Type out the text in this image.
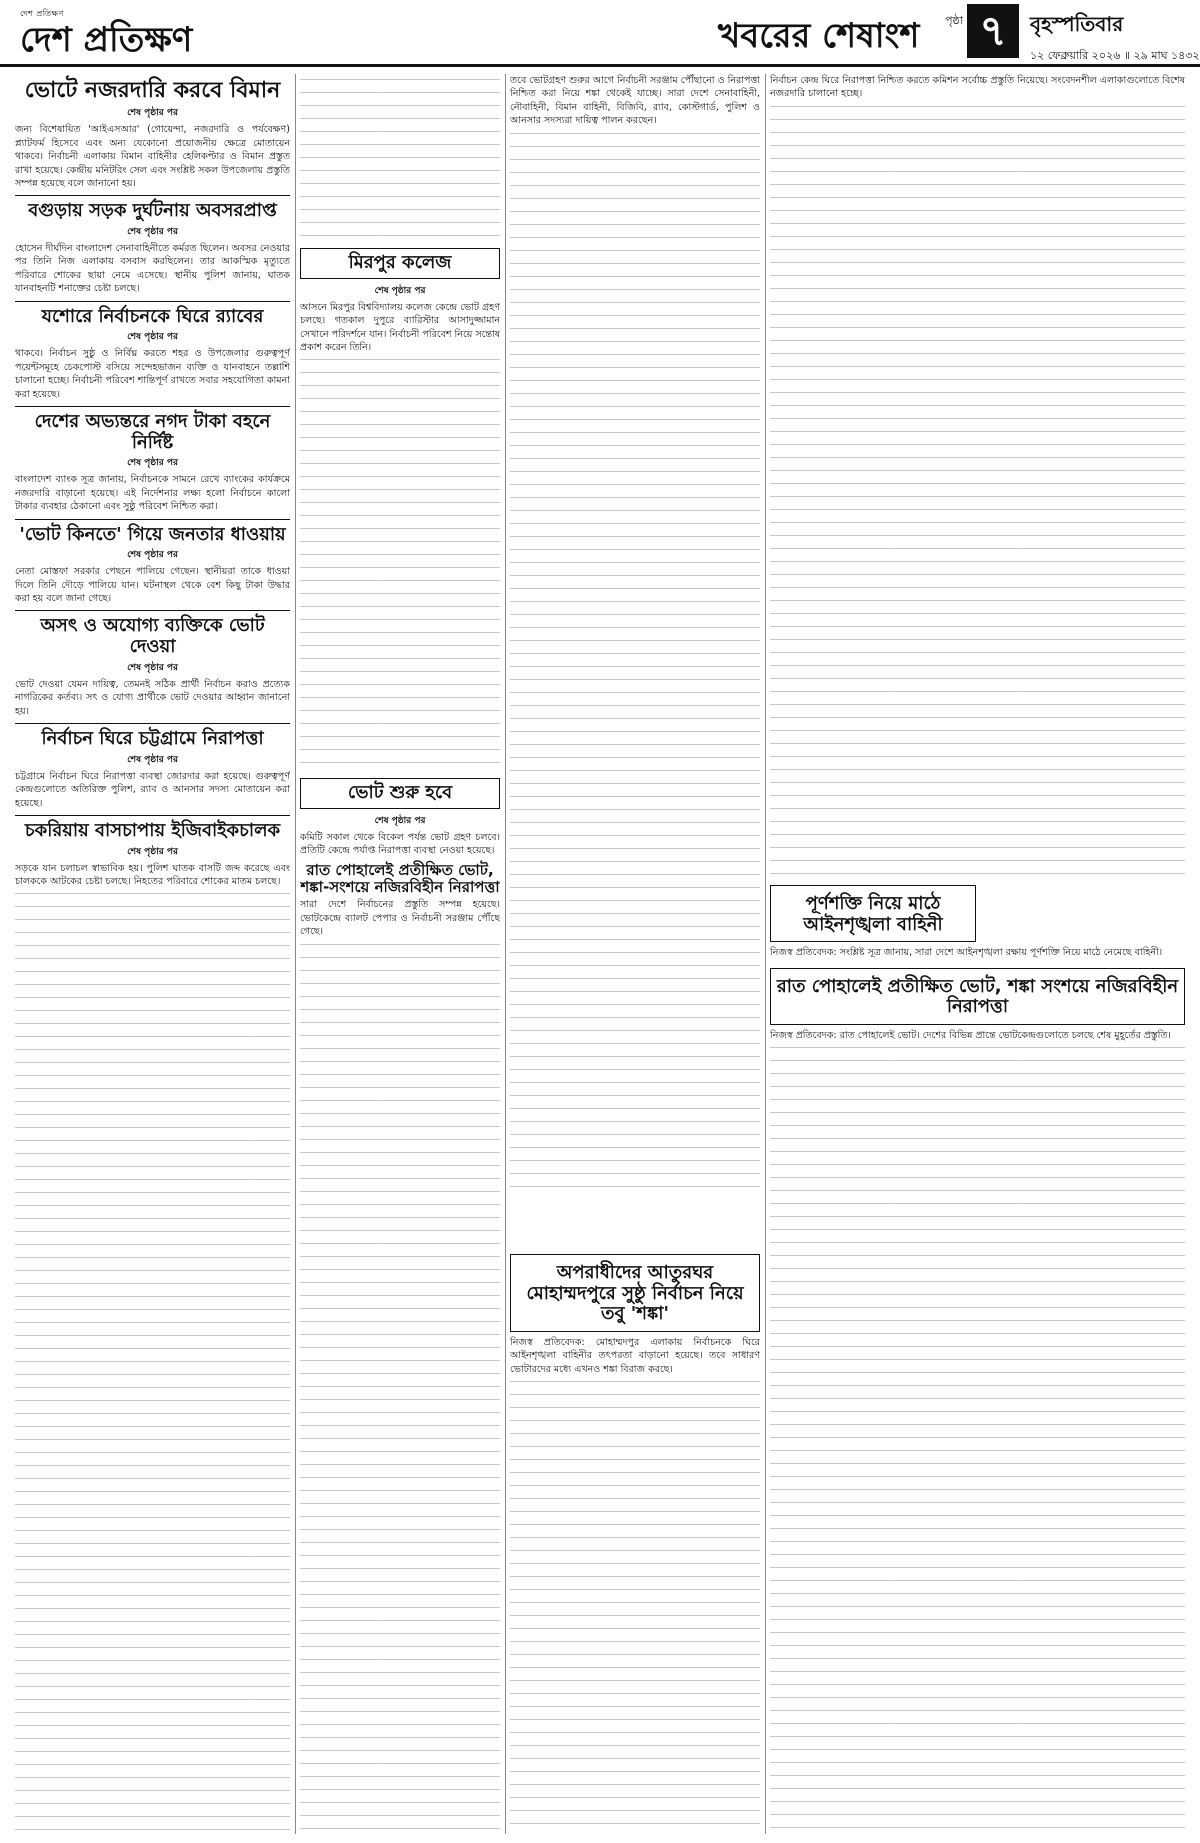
দেশ প্রতিক্ষণ
দেশ প্রতিক্ষণ	খবরের শেষাংশ পৃষ্ঠা ৭	বৃহস্পতিবার
১২ ফেব্রুয়ারি ২০২৬ ॥ ২৯ মাঘ ১৪৩২
ভোটে নজরদারি করবে বিমান
শেষ পৃষ্ঠার পর

জন্য বিশেষায়িত 'আইএসআর' (গোয়েন্দা, নজরদারি ও পর্যবেক্ষণ) প্ল্যাটফর্ম হিসেবে এবং অন্য যেকোনো প্রয়োজনীয় ক্ষেত্রে মোতায়েন থাকবে। নির্বাচনী এলাকায় বিমান বাহিনীর হেলিকপ্টার ও বিমান প্রস্তুত রাখা হয়েছে। কেন্দ্রীয় মনিটরিং সেল এবং সংশ্লিষ্ট সকল উপজেলায় প্রস্তুতি সম্পন্ন হয়েছে বলে জানানো হয়।

বগুড়ায় সড়ক দুর্ঘটনায় অবসরপ্রাপ্ত
শেষ পৃষ্ঠার পর

হোসেন দীর্ঘদিন বাংলাদেশ সেনাবাহিনীতে কর্মরত ছিলেন। অবসর নেওয়ার পর তিনি নিজ এলাকায় বসবাস করছিলেন। তার আকস্মিক মৃত্যুতে পরিবারে শোকের ছায়া নেমে এসেছে। স্থানীয় পুলিশ জানায়, ঘাতক যানবাহনটি শনাক্তের চেষ্টা চলছে।

যশোরে নির্বাচনকে ঘিরে র‌্যাবের
শেষ পৃষ্ঠার পর

থাকবে। নির্বাচন সুষ্ঠু ও নির্বিঘ্ন করতে শহর ও উপজেলার গুরুত্বপূর্ণ পয়েন্টসমূহে চেকপোস্ট বসিয়ে সন্দেহভাজন ব্যক্তি ও যানবাহনে তল্লাশি চালানো হচ্ছে। নির্বাচনী পরিবেশ শান্তিপূর্ণ রাখতে সবার সহযোগিতা কামনা করা হয়েছে।

দেশের অভ্যন্তরে নগদ টাকা বহনে নির্দিষ্ট
শেষ পৃষ্ঠার পর

বাংলাদেশ ব্যাংক সূত্র জানায়, নির্বাচনকে সামনে রেখে ব্যাংকের কার্যক্রমে নজরদারি বাড়ানো হয়েছে। এই নির্দেশনার লক্ষ্য হলো নির্বাচনে কালো টাকার ব্যবহার ঠেকানো এবং সুষ্ঠু পরিবেশ নিশ্চিত করা।

'ভোট কিনতে' গিয়ে জনতার ধাওয়ায়
শেষ পৃষ্ঠার পর

নেতা মোস্তফা সরকার পেছনে পালিয়ে গেছেন। স্থানীয়রা তাকে ধাওয়া দিলে তিনি দৌড়ে পালিয়ে যান। ঘটনাস্থল থেকে বেশ কিছু টাকা উদ্ধার করা হয় বলে জানা গেছে।

অসৎ ও অযোগ্য ব্যক্তিকে ভোট দেওয়া
শেষ পৃষ্ঠার পর

ভোট দেওয়া যেমন দায়িত্ব, তেমনই সঠিক প্রার্থী নির্বাচন করাও প্রত্যেক নাগরিকের কর্তব্য। সৎ ও যোগ্য প্রার্থীকে ভোট দেওয়ার আহ্বান জানানো হয়।

নির্বাচন ঘিরে চট্টগ্রামে নিরাপত্তা
শেষ পৃষ্ঠার পর

চট্টগ্রামে নির্বাচন ঘিরে নিরাপত্তা ব্যবস্থা জোরদার করা হয়েছে। গুরুত্বপূর্ণ কেন্দ্রগুলোতে অতিরিক্ত পুলিশ, র‌্যাব ও আনসার সদস্য মোতায়েন করা হয়েছে।

চকরিয়ায় বাসচাপায় ইজিবাইকচালক
শেষ পৃষ্ঠার পর

সড়কে যান চলাচল স্বাভাবিক হয়। পুলিশ ঘাতক বাসটি জব্দ করেছে এবং চালককে আটকের চেষ্টা চলছে। নিহতের পরিবারে শোকের মাতম চলছে।

মিরপুর কলেজ
শেষ পৃষ্ঠার পর

আসনে মিরপুর বিশ্ববিদ্যালয় কলেজ কেন্দ্রে ভোট গ্রহণ চলছে। গতকাল দুপুরে ব্যারিস্টার আসাদুজ্জামান সেখানে পরিদর্শনে যান। নির্বাচনী পরিবেশ নিয়ে সন্তোষ প্রকাশ করেন তিনি।

ভোট শুরু হবে
শেষ পৃষ্ঠার পর

কমিটি সকাল থেকে বিকেল পর্যন্ত ভোট গ্রহণ চলবে। প্রতিটি কেন্দ্রে পর্যাপ্ত নিরাপত্তা ব্যবস্থা নেওয়া হয়েছে।

রাত পোহালেই প্রতীক্ষিত ভোট, শঙ্কা-সংশয়ে নজিরবিহীন নিরাপত্তা

সারা দেশে নির্বাচনের প্রস্তুতি সম্পন্ন হয়েছে। ভোটকেন্দ্রে ব্যালট পেপার ও নির্বাচনী সরঞ্জাম পৌঁছে গেছে।

তবে ভোটগ্রহণ শুরুর আগে নির্বাচনী সরঞ্জাম পৌঁছানো ও নিরাপত্তা নিশ্চিত করা নিয়ে শঙ্কা থেকেই যাচ্ছে। সারা দেশে সেনাবাহিনী, নৌবাহিনী, বিমান বাহিনী, বিজিবি, র‌্যাব, কোস্টগার্ড, পুলিশ ও আনসার সদস্যরা দায়িত্ব পালন করছেন।

অপরাধীদের আতুরঘর মোহাম্মদপুরে সুষ্ঠু নির্বাচন নিয়ে তবু 'শঙ্কা'

নিজস্ব প্রতিবেদক: মোহাম্মদপুর এলাকায় নির্বাচনকে ঘিরে আইনশৃঙ্খলা বাহিনীর তৎপরতা বাড়ানো হয়েছে। তবে সাধারণ ভোটারদের মধ্যে এখনও শঙ্কা বিরাজ করছে।

নির্বাচন কেন্দ্র ঘিরে নিরাপত্তা নিশ্চিত করতে কমিশন সর্বোচ্চ প্রস্তুতি নিয়েছে। সংবেদনশীল এলাকাগুলোতে বিশেষ নজরদারি চালানো হচ্ছে।

পূর্ণশক্তি নিয়ে মাঠে আইনশৃঙ্খলা বাহিনী

নিজস্ব প্রতিবেদক: সংশ্লিষ্ট সূত্র জানায়, সারা দেশে আইনশৃঙ্খলা রক্ষায় পূর্ণশক্তি নিয়ে মাঠে নেমেছে বাহিনী।

রাত পোহালেই প্রতীক্ষিত ভোট, শঙ্কা সংশয়ে নজিরবিহীন নিরাপত্তা

নিজস্ব প্রতিবেদক: রাত পোহালেই ভোট। দেশের বিভিন্ন প্রান্তে ভোটকেন্দ্রগুলোতে চলছে শেষ মুহূর্তের প্রস্তুতি।
